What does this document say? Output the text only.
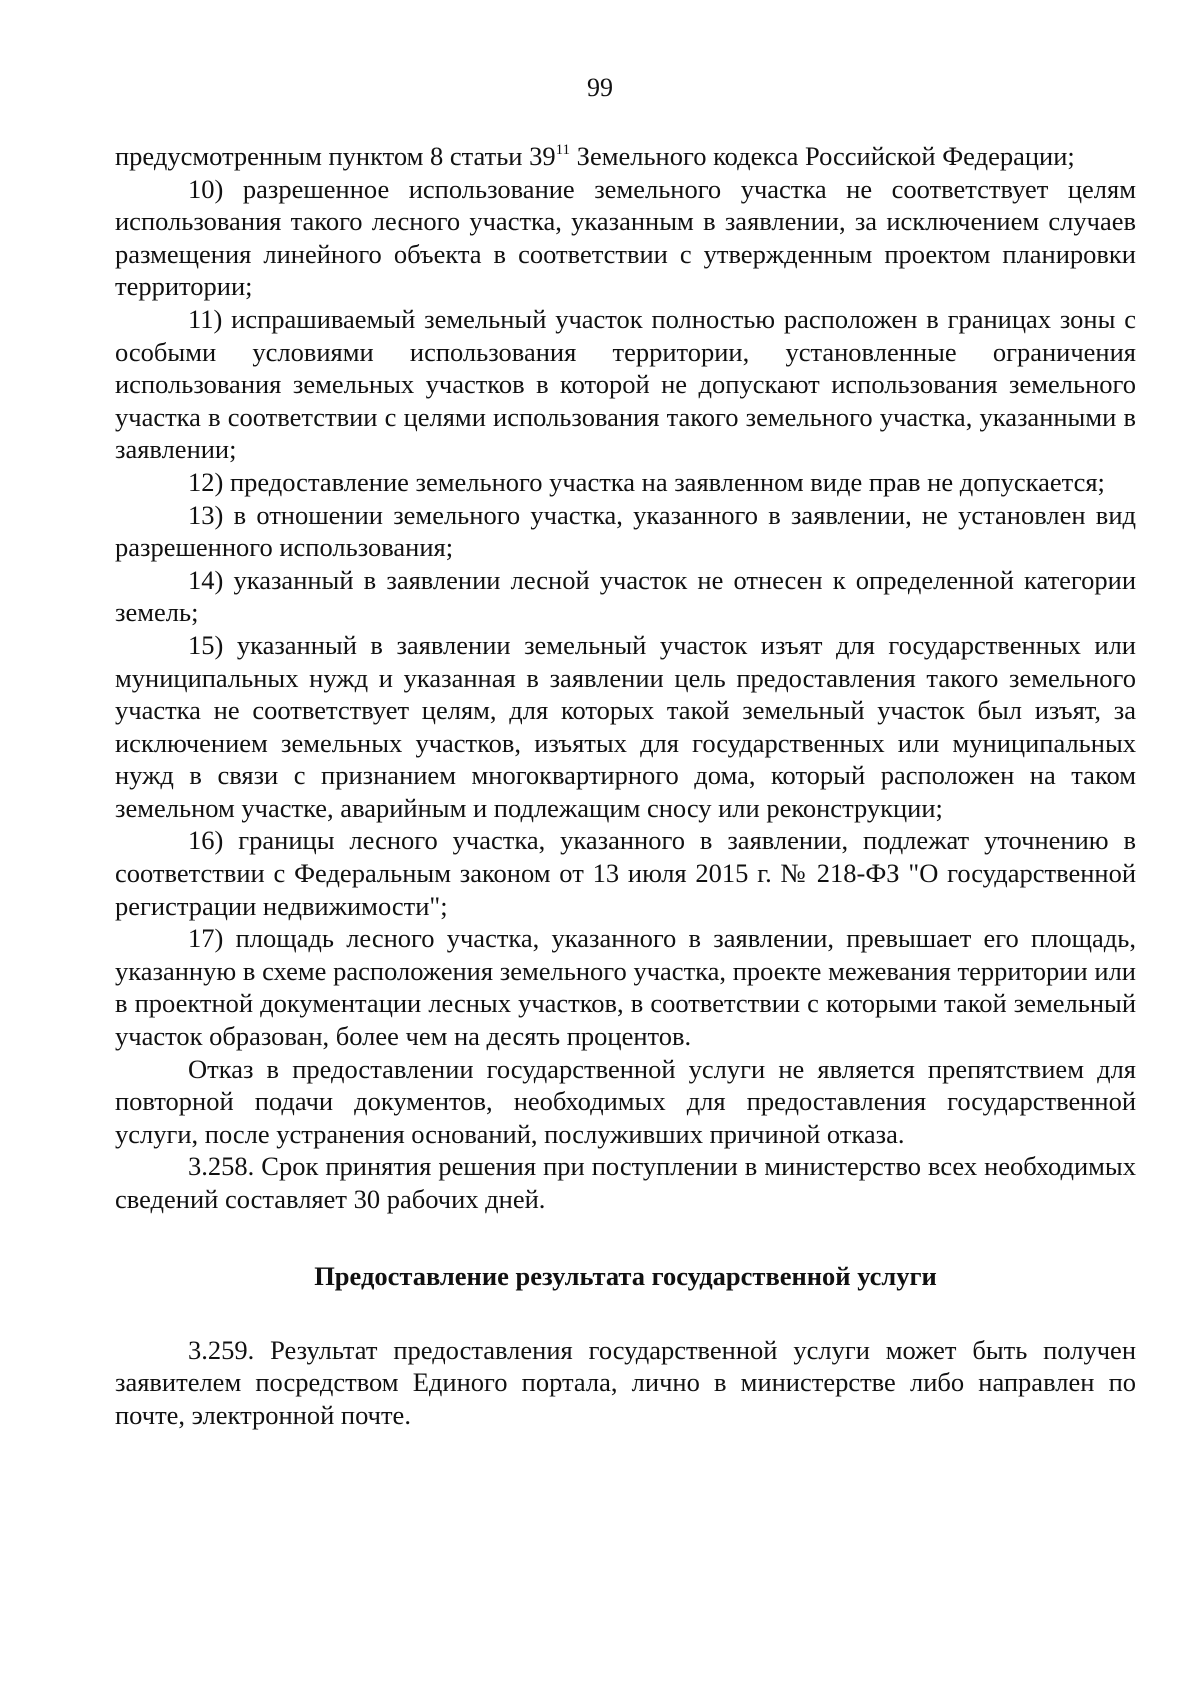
99

предусмотренным пунктом 8 статьи $39^{11}$ Земельного кодекса Российской Федерации;

10) разрешенное использование земельного участка не соответствует целям использования такого лесного участка, указанным в заявлении, за исключением случаев размещения линейного объекта в соответствии с утвержденным проектом планировки территории;

11) испрашиваемый земельный участок полностью расположен в границах зоны с особыми условиями использования территории, установленные ограничения использования земельных участков в которой не допускают использования земельного участка в соответствии с целями использования такого земельного участка, указанными в заявлении;

12) предоставление земельного участка на заявленном виде прав не допускается;

13) в отношении земельного участка, указанного в заявлении, не установлен вид разрешенного использования;

14) указанный в заявлении лесной участок не отнесен к определенной категории земель;

15) указанный в заявлении земельный участок изъят для государственных или муниципальных нужд и указанная в заявлении цель предоставления такого земельного участка не соответствует целям, для которых такой земельный участок был изъят, за исключением земельных участков, изъятых для государственных или муниципальных нужд в связи с признанием многоквартирного дома, который расположен на таком земельном участке, аварийным и подлежащим сносу или реконструкции;

16) границы лесного участка, указанного в заявлении, подлежат уточнению в соответствии с Федеральным законом от 13 июля 2015 г. № 218-ФЗ "О государственной регистрации недвижимости";

17) площадь лесного участка, указанного в заявлении, превышает его площадь, указанную в схеме расположения земельного участка, проекте межевания территории или в проектной документации лесных участков, в соответствии с которыми такой земельный участок образован, более чем на десять процентов.

Отказ в предоставлении государственной услуги не является препятствием для повторной подачи документов, необходимых для предоставления государственной услуги, после устранения оснований, послуживших причиной отказа.

3.258. Срок принятия решения при поступлении в министерство всех необходимых сведений составляет 30 рабочих дней.

Предоставление результата государственной услуги

3.259. Результат предоставления государственной услуги может быть получен заявителем посредством Единого портала, лично в министерстве либо направлен по почте, электронной почте.
